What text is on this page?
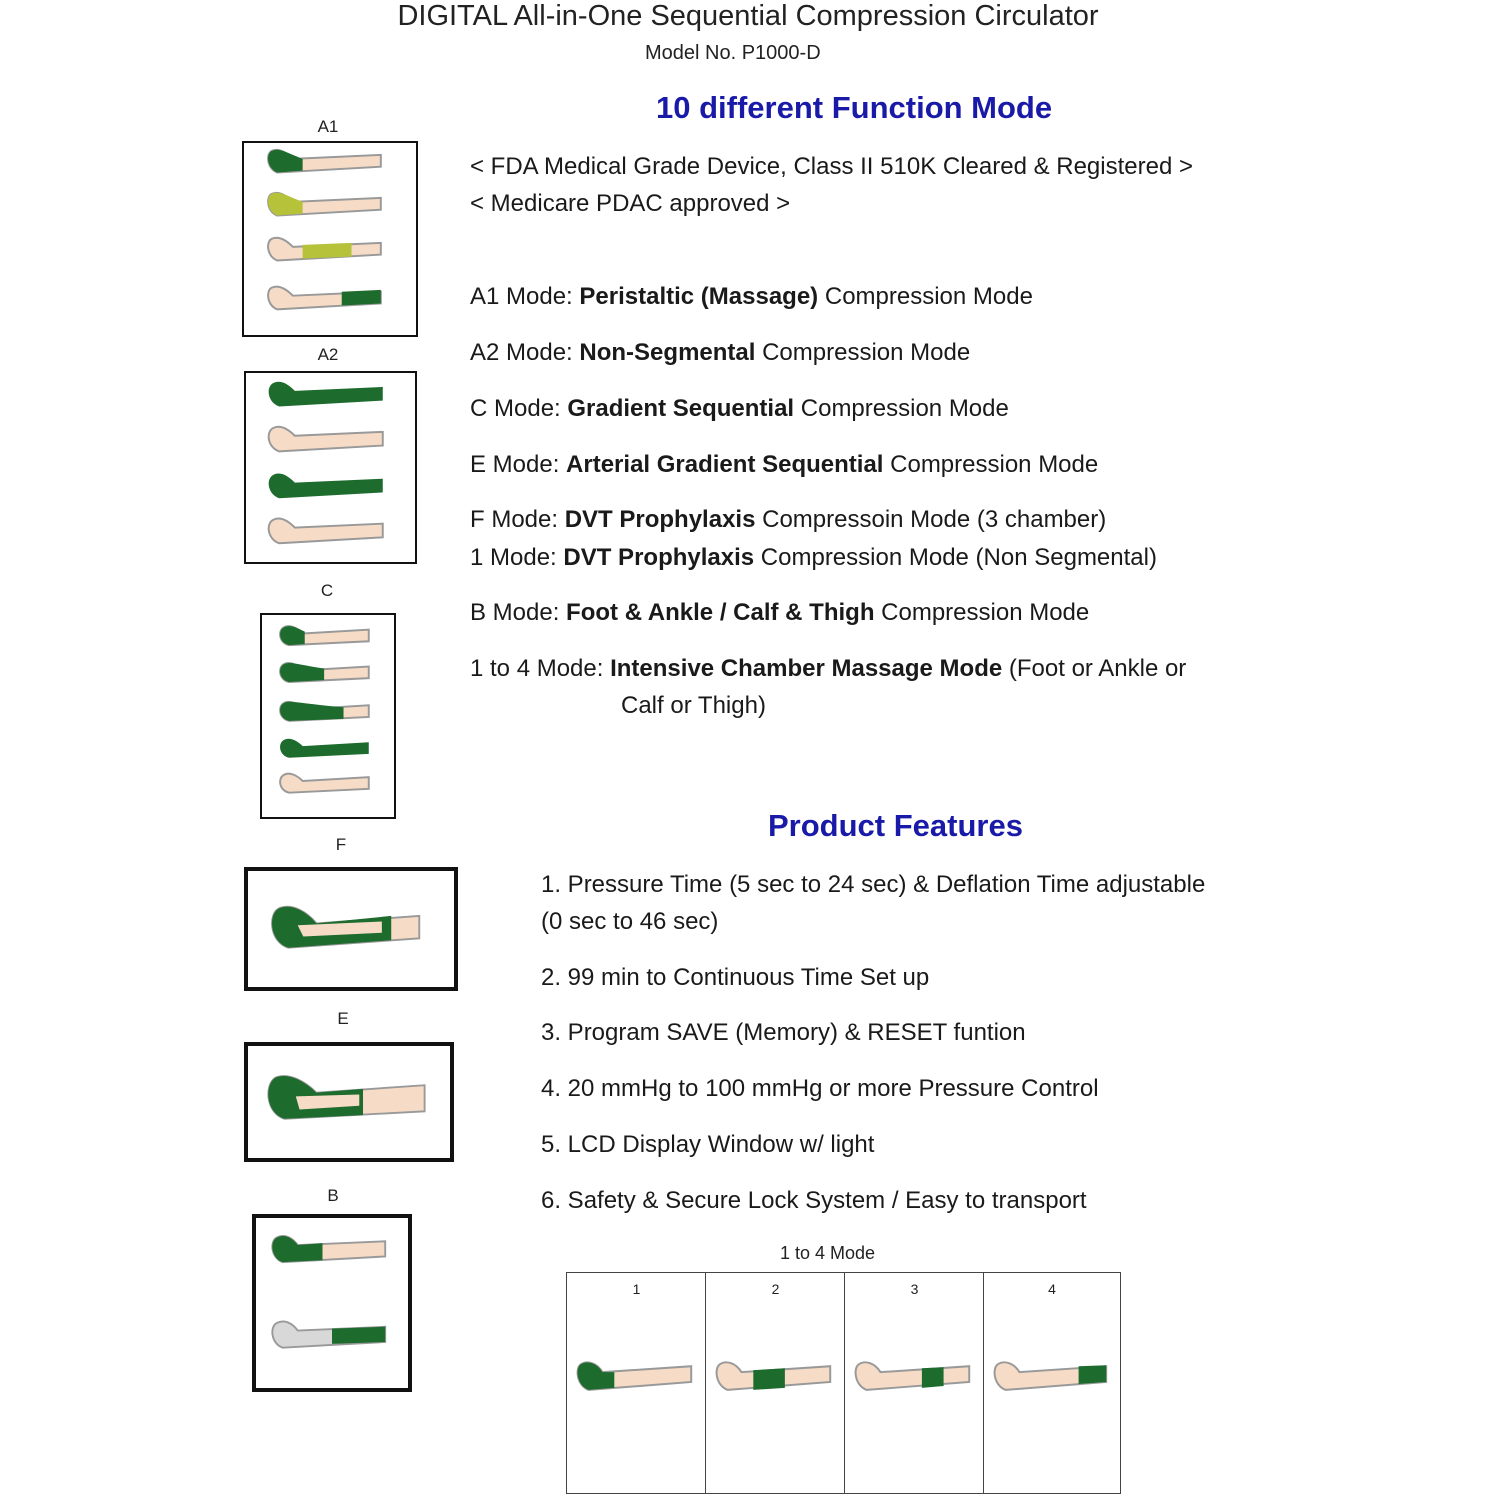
DIGITAL All-in-One Sequential Compression Circulator
Model No. P1000-D
10 different Function Mode
< FDA Medical Grade Device, Class II 510K Cleared & Registered >
< Medicare PDAC approved >
A1 Mode: Peristaltic (Massage) Compression Mode
A2 Mode: Non-Segmental Compression Mode
C Mode: Gradient Sequential Compression Mode
E Mode: Arterial Gradient Sequential Compression Mode
F Mode: DVT Prophylaxis Compressoin Mode (3 chamber)
1 Mode: DVT Prophylaxis Compression Mode (Non Segmental)
B Mode: Foot & Ankle / Calf & Thigh Compression Mode
1 to 4 Mode: Intensive Chamber Massage Mode (Foot or Ankle or
Calf or Thigh)
Product Features
1. Pressure Time (5 sec to 24 sec) & Deflation Time adjustable
(0 sec to 46 sec)
2. 99 min to Continuous Time Set up
3. Program SAVE (Memory) & RESET funtion
4. 20 mmHg to 100 mmHg or more Pressure Control
5. LCD Display Window w/ light
6. Safety & Secure Lock System / Easy to transport
A1
A2
C
F
E
B
1 to 4 Mode
1	2	3	4
